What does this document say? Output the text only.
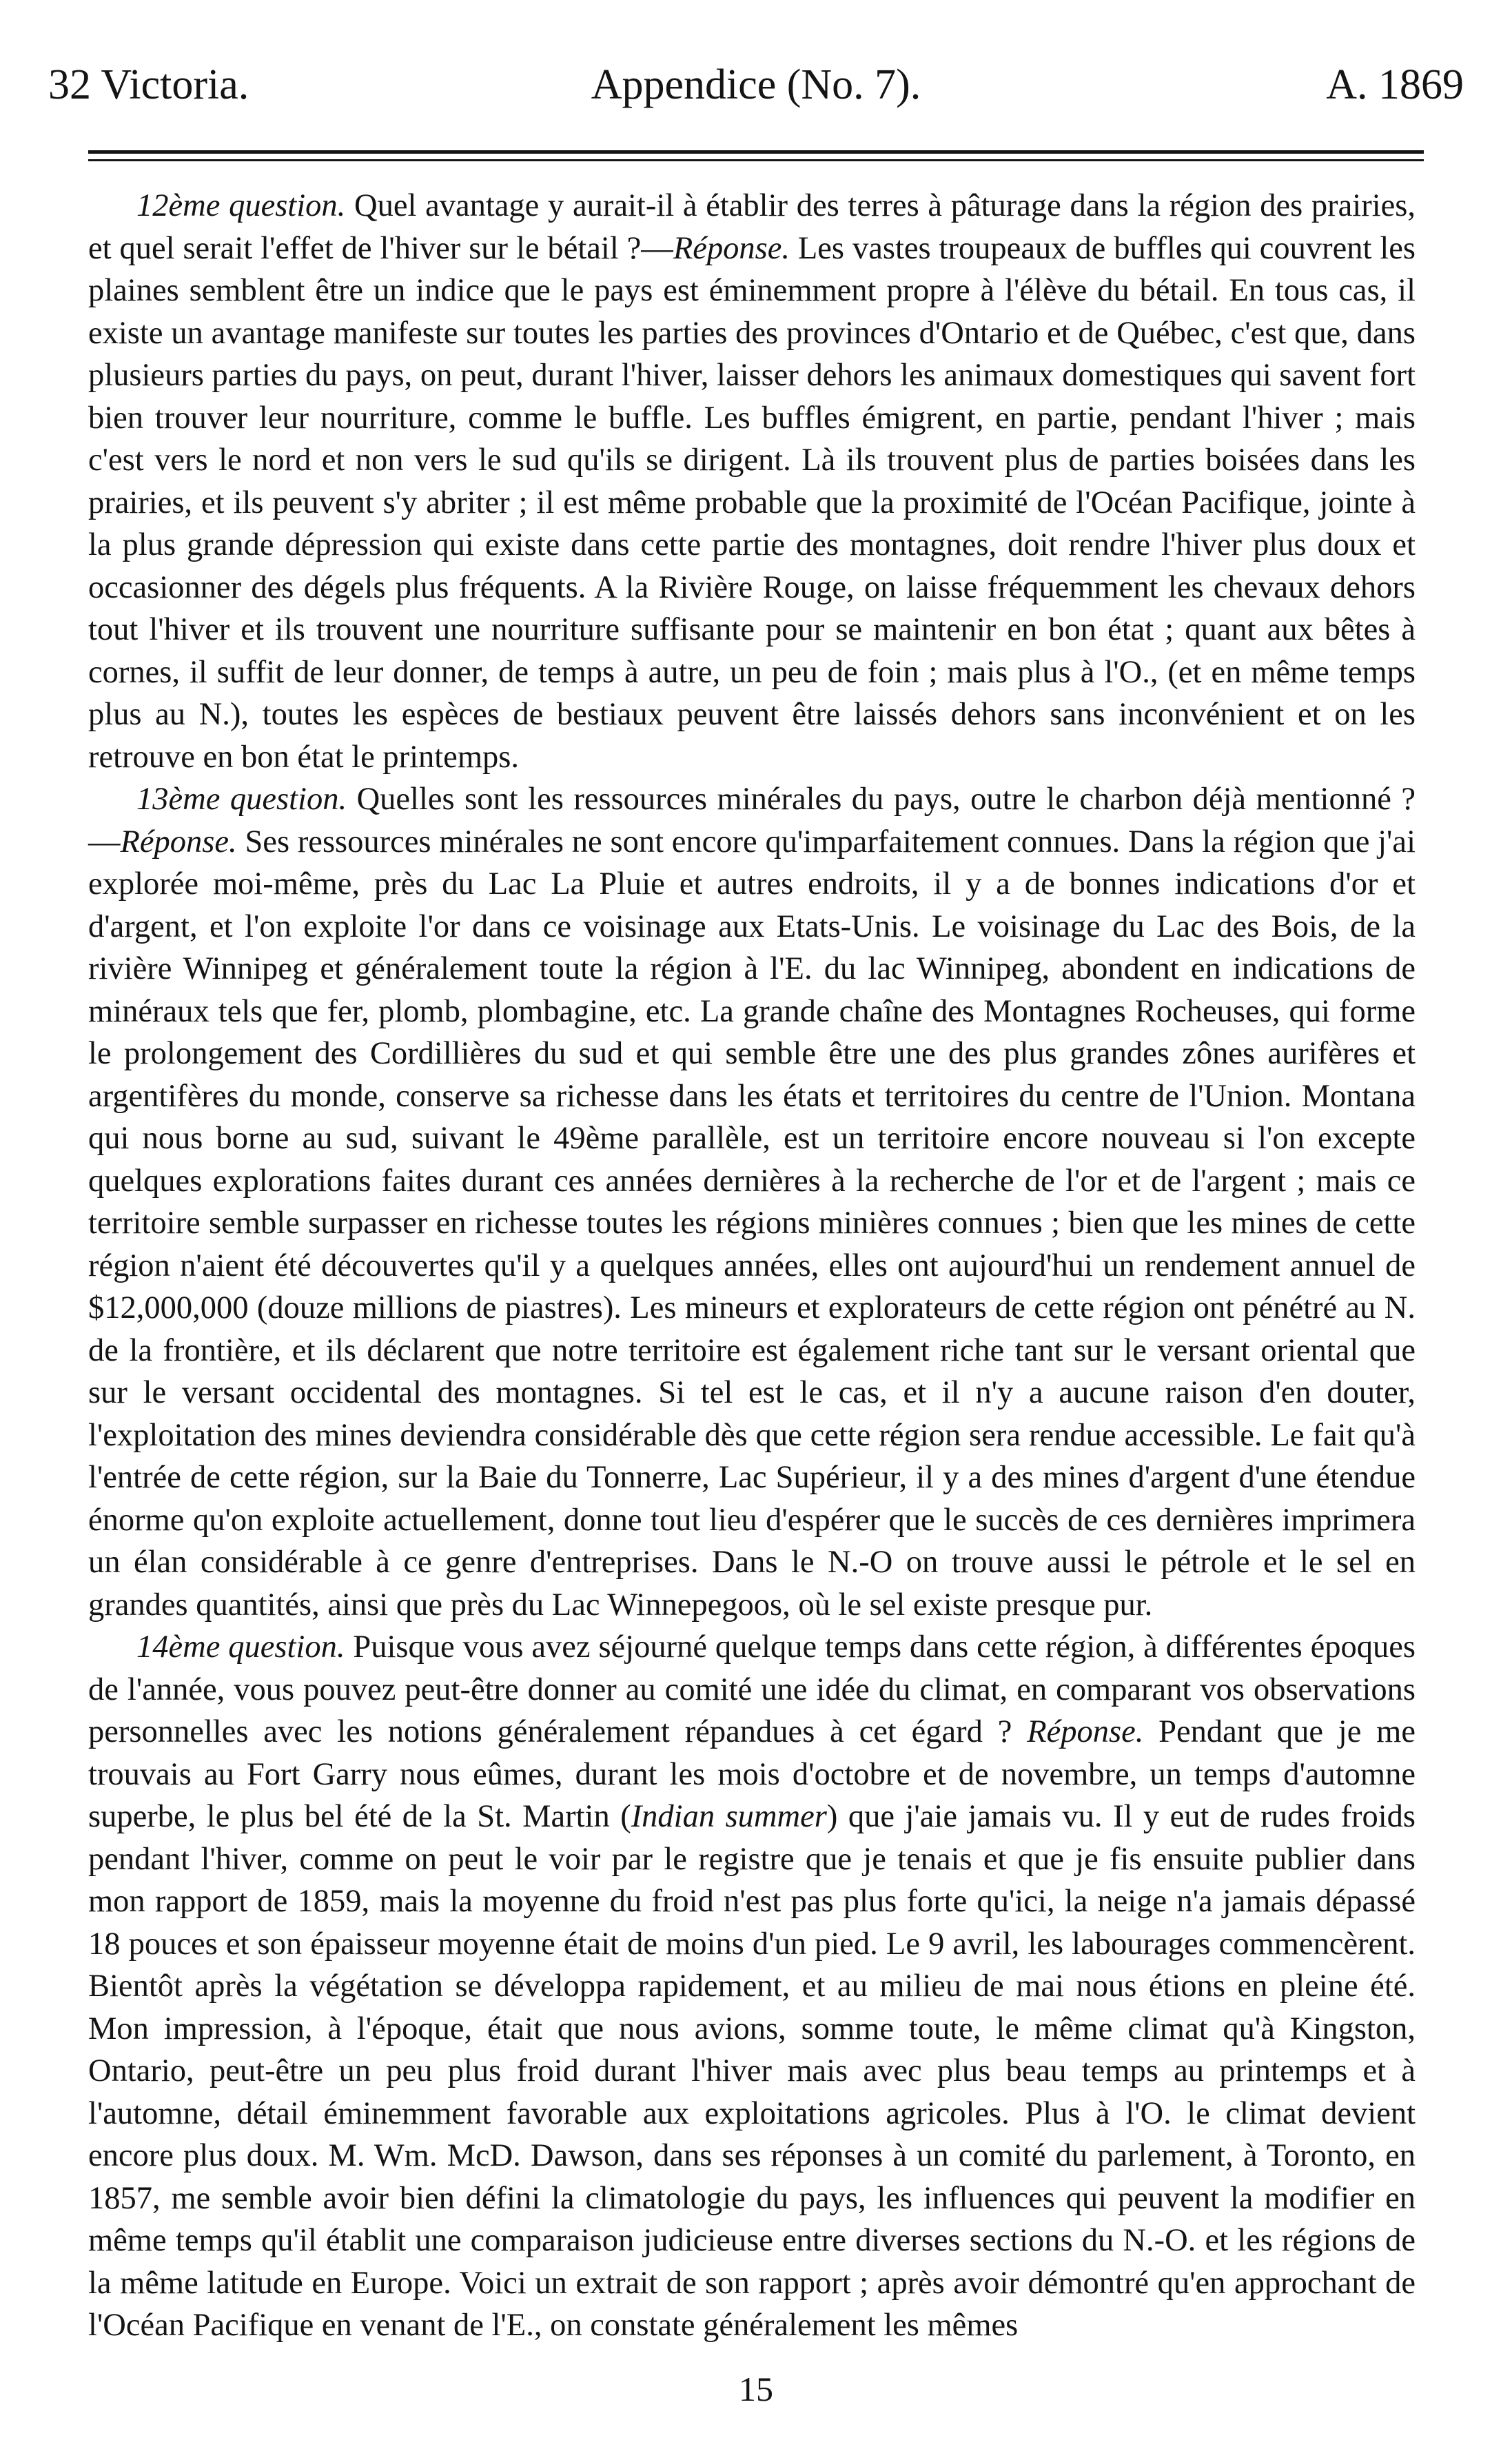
32 Victoria.	Appendice (No. 7).	A. 1869

12ème question. Quel avantage y aurait-il à établir des terres à pâturage dans la région des prairies, et quel serait l'effet de l'hiver sur le bétail ?—Réponse. Les vastes troupeaux de buffles qui couvrent les plaines semblent être un indice que le pays est éminemment propre à l'élève du bétail. En tous cas, il existe un avantage manifeste sur toutes les parties des provinces d'Ontario et de Québec, c'est que, dans plusieurs parties du pays, on peut, durant l'hiver, laisser dehors les animaux domestiques qui savent fort bien trouver leur nourriture, comme le buffle. Les buffles émigrent, en partie, pendant l'hiver ; mais c'est vers le nord et non vers le sud qu'ils se dirigent. Là ils trouvent plus de parties boisées dans les prairies, et ils peuvent s'y abriter ; il est même probable que la proximité de l'Océan Pacifique, jointe à la plus grande dépression qui existe dans cette partie des montagnes, doit rendre l'hiver plus doux et occasionner des dégels plus fréquents. A la Rivière Rouge, on laisse fréquemment les chevaux dehors tout l'hiver et ils trouvent une nourriture suffisante pour se maintenir en bon état ; quant aux bêtes à cornes, il suffit de leur donner, de temps à autre, un peu de foin ; mais plus à l'O., (et en même temps plus au N.), toutes les espèces de bestiaux peuvent être laissés dehors sans inconvénient et on les retrouve en bon état le printemps.

13ème question. Quelles sont les ressources minérales du pays, outre le charbon déjà mentionné ?—Réponse. Ses ressources minérales ne sont encore qu'imparfaitement connues. Dans la région que j'ai explorée moi-même, près du Lac La Pluie et autres endroits, il y a de bonnes indications d'or et d'argent, et l'on exploite l'or dans ce voisinage aux Etats-Unis. Le voisinage du Lac des Bois, de la rivière Winnipeg et généralement toute la région à l'E. du lac Winnipeg, abondent en indications de minéraux tels que fer, plomb, plombagine, etc. La grande chaîne des Montagnes Rocheuses, qui forme le prolongement des Cordillières du sud et qui semble être une des plus grandes zônes aurifères et argentifères du monde, conserve sa richesse dans les états et territoires du centre de l'Union. Montana qui nous borne au sud, suivant le 49ème parallèle, est un territoire encore nouveau si l'on excepte quelques explorations faites durant ces années dernières à la recherche de l'or et de l'argent ; mais ce territoire semble surpasser en richesse toutes les régions minières connues ; bien que les mines de cette région n'aient été découvertes qu'il y a quelques années, elles ont aujourd'hui un rendement annuel de $12,000,000 (douze millions de piastres). Les mineurs et explorateurs de cette région ont pénétré au N. de la frontière, et ils déclarent que notre territoire est également riche tant sur le versant oriental que sur le versant occidental des montagnes. Si tel est le cas, et il n'y a aucune raison d'en douter, l'exploitation des mines deviendra considérable dès que cette région sera rendue accessible. Le fait qu'à l'entrée de cette région, sur la Baie du Tonnerre, Lac Supérieur, il y a des mines d'argent d'une étendue énorme qu'on exploite actuellement, donne tout lieu d'espérer que le succès de ces dernières imprimera un élan considérable à ce genre d'entreprises. Dans le N.-O on trouve aussi le pétrole et le sel en grandes quantités, ainsi que près du Lac Winnepegoos, où le sel existe presque pur.

14ème question. Puisque vous avez séjourné quelque temps dans cette région, à différentes époques de l'année, vous pouvez peut-être donner au comité une idée du climat, en comparant vos observations personnelles avec les notions généralement répandues à cet égard ? Réponse. Pendant que je me trouvais au Fort Garry nous eûmes, durant les mois d'octobre et de novembre, un temps d'automne superbe, le plus bel été de la St. Martin (Indian summer) que j'aie jamais vu. Il y eut de rudes froids pendant l'hiver, comme on peut le voir par le registre que je tenais et que je fis ensuite publier dans mon rapport de 1859, mais la moyenne du froid n'est pas plus forte qu'ici, la neige n'a jamais dépassé 18 pouces et son épaisseur moyenne était de moins d'un pied. Le 9 avril, les labourages commencèrent. Bientôt après la végétation se développa rapidement, et au milieu de mai nous étions en pleine été. Mon impression, à l'époque, était que nous avions, somme toute, le même climat qu'à Kingston, Ontario, peut-être un peu plus froid durant l'hiver mais avec plus beau temps au printemps et à l'automne, détail éminemment favorable aux exploitations agricoles. Plus à l'O. le climat devient encore plus doux. M. Wm. McD. Dawson, dans ses réponses à un comité du parlement, à Toronto, en 1857, me semble avoir bien défini la climatologie du pays, les influences qui peuvent la modifier en même temps qu'il établit une comparaison judicieuse entre diverses sections du N.-O. et les régions de la même latitude en Europe. Voici un extrait de son rapport ; après avoir démontré qu'en approchant de l'Océan Pacifique en venant de l'E., on constate généralement les mêmes

15
